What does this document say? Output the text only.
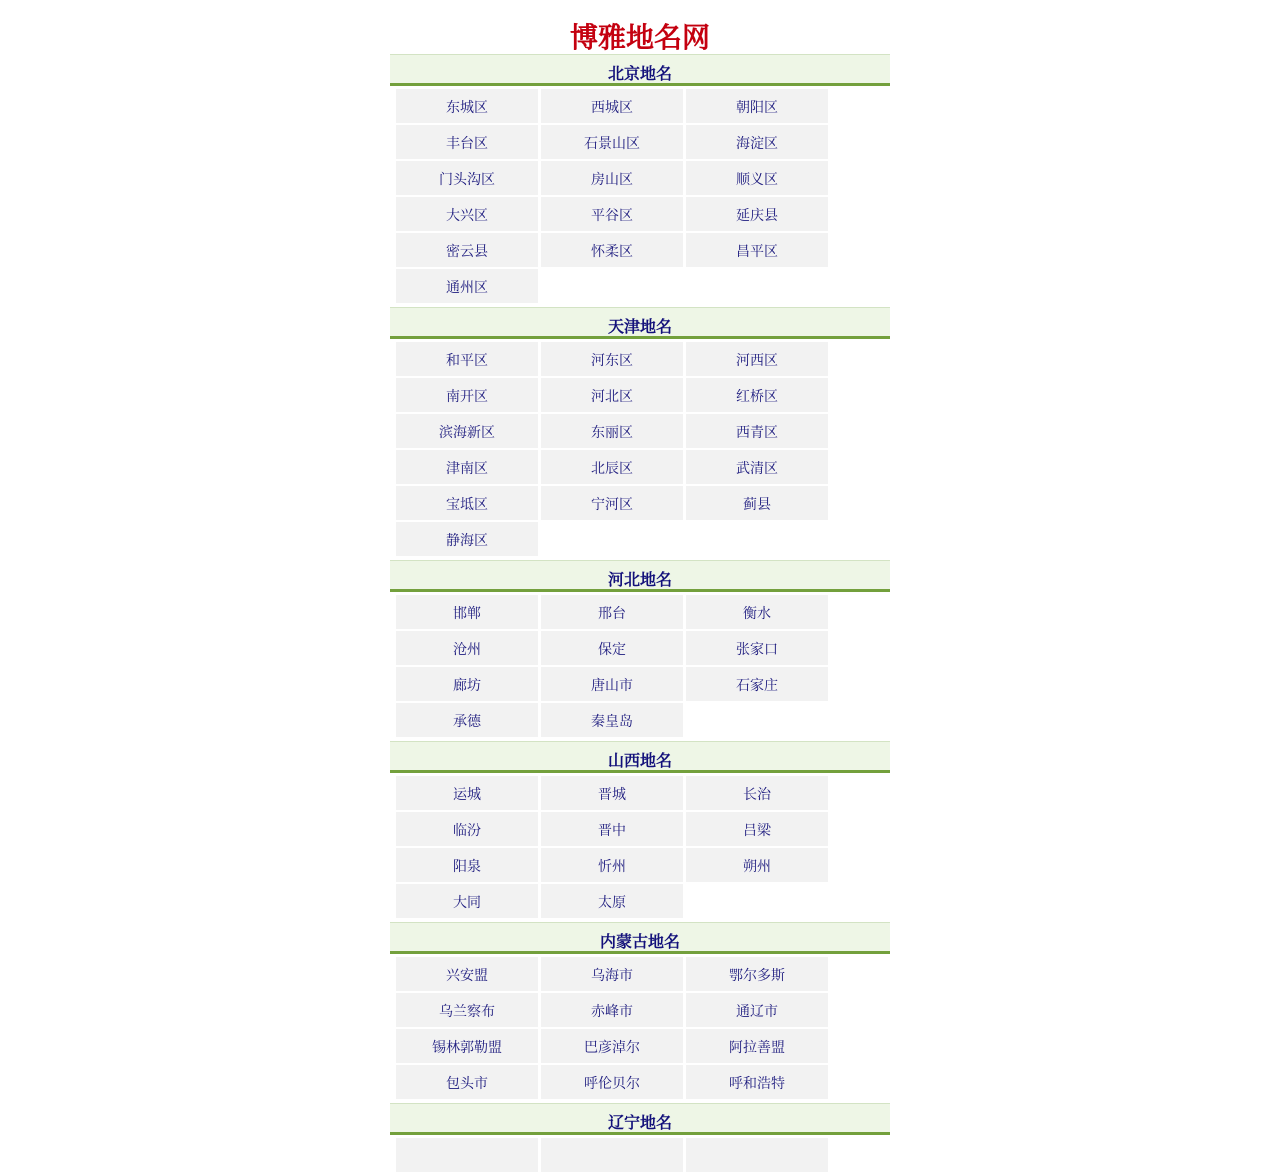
博雅地名网
北京地名
东城区	西城区	朝阳区
丰台区	石景山区	海淀区
门头沟区	房山区	顺义区
大兴区	平谷区	延庆县
密云县	怀柔区	昌平区
通州区
天津地名
和平区	河东区	河西区
南开区	河北区	红桥区
滨海新区	东丽区	西青区
津南区	北辰区	武清区
宝坻区	宁河区	蓟县
静海区
河北地名
邯郸	邢台	衡水
沧州	保定	张家口
廊坊	唐山市	石家庄
承德	秦皇岛
山西地名
运城	晋城	长治
临汾	晋中	吕梁
阳泉	忻州	朔州
大同	太原
内蒙古地名
兴安盟	乌海市	鄂尔多斯
乌兰察布	赤峰市	通辽市
锡林郭勒盟	巴彦淖尔	阿拉善盟
包头市	呼伦贝尔	呼和浩特
辽宁地名
